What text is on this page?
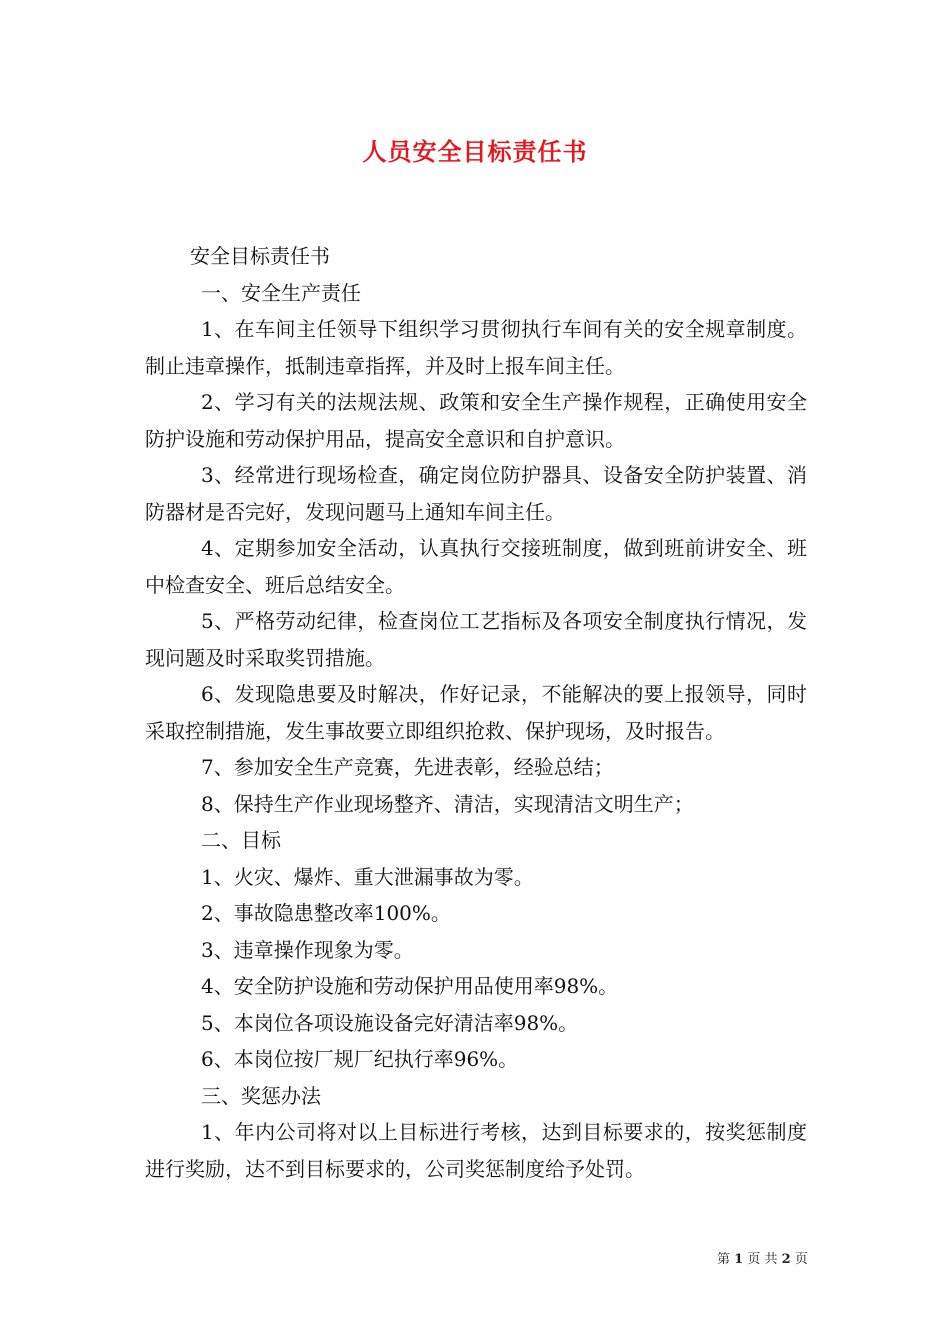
人员安全目标责任书

安全目标责任书

一、安全生产责任

1、在车间主任领导下组织学习贯彻执行车间有关的安全规章制度。制止违章操作，抵制违章指挥，并及时上报车间主任。

2、学习有关的法规法规、政策和安全生产操作规程，正确使用安全防护设施和劳动保护用品，提高安全意识和自护意识。

3、经常进行现场检查，确定岗位防护器具、设备安全防护装置、消防器材是否完好，发现问题马上通知车间主任。

4、定期参加安全活动，认真执行交接班制度，做到班前讲安全、班中检查安全、班后总结安全。

5、严格劳动纪律，检查岗位工艺指标及各项安全制度执行情况，发现问题及时采取奖罚措施。

6、发现隐患要及时解决，作好记录，不能解决的要上报领导，同时采取控制措施，发生事故要立即组织抢救、保护现场，及时报告。

7、参加安全生产竞赛，先进表彰，经验总结；

8、保持生产作业现场整齐、清洁，实现清洁文明生产；

二、目标

1、火灾、爆炸、重大泄漏事故为零。

2、事故隐患整改率100%。

3、违章操作现象为零。

4、安全防护设施和劳动保护用品使用率98%。

5、本岗位各项设施设备完好清洁率98%。

6、本岗位按厂规厂纪执行率96%。

三、奖惩办法

1、年内公司将对以上目标进行考核，达到目标要求的，按奖惩制度进行奖励，达不到目标要求的，公司奖惩制度给予处罚。

第 1 页 共 2 页
